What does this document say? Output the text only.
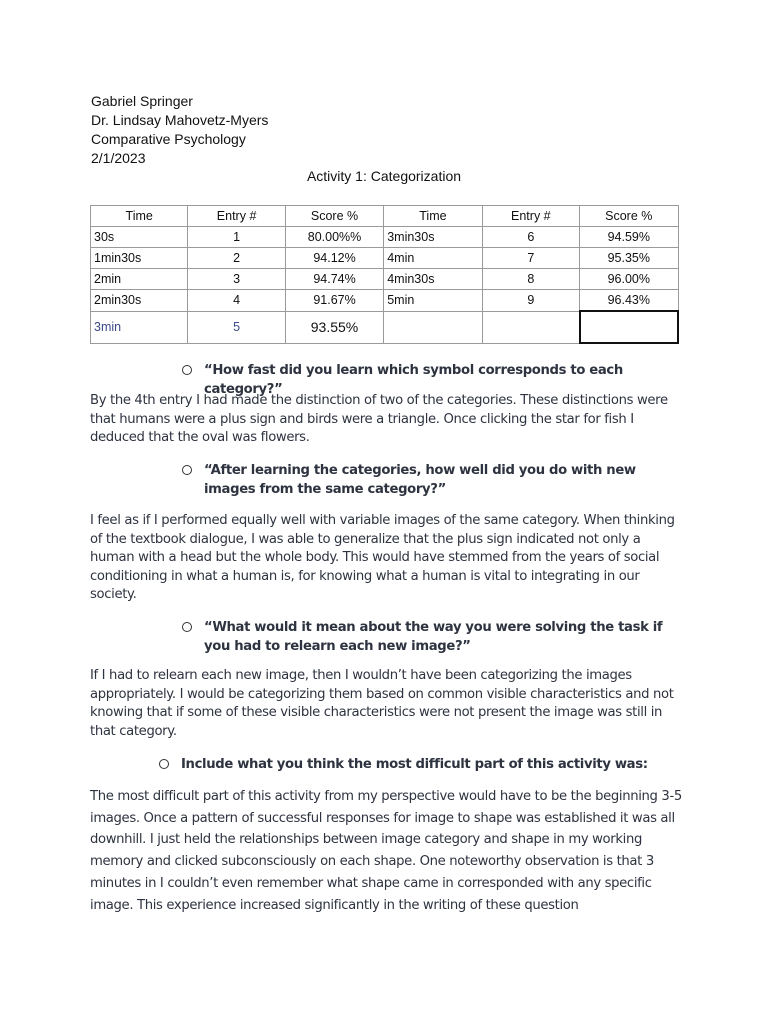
Gabriel Springer
Dr. Lindsay Mahovetz-Myers
Comparative Psychology
2/1/2023
Activity 1: Categorization
Time	Entry #	Score %	Time	Entry #	Score %
30s	1	80.00%%	3min30s	6	94.59%
1min30s	2	94.12%	4min	7	95.35%
2min	3	94.74%	4min30s	8	96.00%
2min30s	4	91.67%	5min	9	96.43%
3min	5	93.55%			
“How fast did you learn which symbol corresponds to each category?”
By the 4th entry I had made the distinction of two of the categories. These distinctions were that humans were a plus sign and birds were a triangle. Once clicking the star for fish I deduced that the oval was flowers.
“After learning the categories, how well did you do with new images from the same category?”
I feel as if I performed equally well with variable images of the same category. When thinking of the textbook dialogue, I was able to generalize that the plus sign indicated not only a human with a head but the whole body. This would have stemmed from the years of social conditioning in what a human is, for knowing what a human is vital to integrating in our society.
“What would it mean about the way you were solving the task if you had to relearn each new image?”
If I had to relearn each new image, then I wouldn’t have been categorizing the images appropriately. I would be categorizing them based on common visible characteristics and not knowing that if some of these visible characteristics were not present the image was still in that category.
Include what you think the most difficult part of this activity was:
The most difficult part of this activity from my perspective would have to be the beginning 3-5 images. Once a pattern of successful responses for image to shape was established it was all downhill. I just held the relationships between image category and shape in my working memory and clicked subconsciously on each shape. One noteworthy observation is that 3 minutes in I couldn’t even remember what shape came in corresponded with any specific image. This experience increased significantly in the writing of these question
